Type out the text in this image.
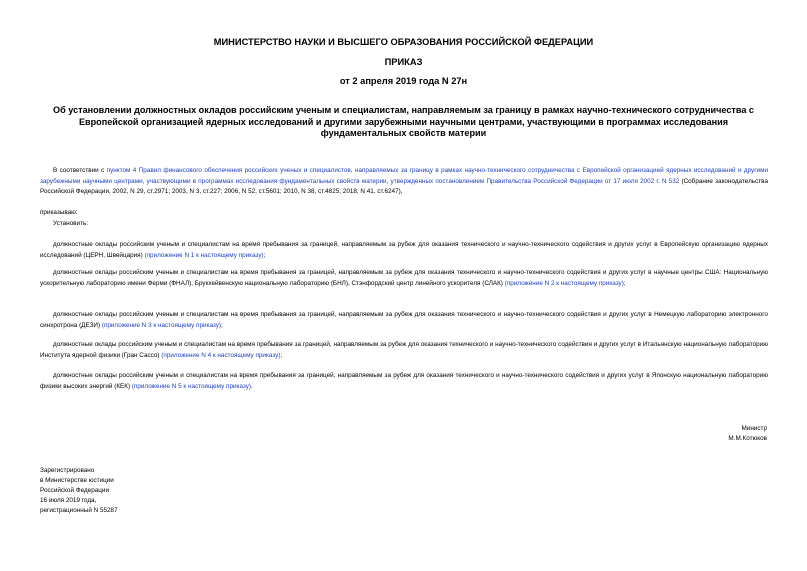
МИНИСТЕРСТВО НАУКИ И ВЫСШЕГО ОБРАЗОВАНИЯ РОССИЙСКОЙ ФЕДЕРАЦИИ
ПРИКАЗ
от 2 апреля 2019 года N 27н
Об установлении должностных окладов российским ученым и специалистам, направляемым за границу в рамках научно-технического сотрудничества с Европейской организацией ядерных исследований и другими зарубежными научными центрами, участвующими в программах исследования фундаментальных свойств материи
В соответствии с пунктом 4 Правил финансового обеспечения российских ученых и специалистов, направляемых за границу в рамках научно-технического сотрудничества с Европейской организацией ядерных исследований и другими зарубежными научными центрами, участвующими в программах исследования фундаментальных свойств материи, утвержденных постановлением Правительства Российской Федерации от 17 июля 2002 г. N 532 (Собрание законодательства Российской Федерации, 2002, N 29, ст.2971; 2003, N 3, ст.227; 2006, N 52, ст.5601; 2010, N 38, ст.4825; 2018, N 41, ст.6247),
приказываю:
Установить:
должностные оклады российским ученым и специалистам на время пребывания за границей, направляемым за рубеж для оказания технического и научно-технического содействия и других услуг в Европейскую организацию ядерных исследований (ЦЕРН, Швейцария) (приложение N 1 к настоящему приказу);
должностные оклады российским ученым и специалистам на время пребывания за границей, направляемым за рубеж для оказания технического и научно-технического содействия и других услуг в научные центры США: Национальную ускорительную лабораторию имени Ферми (ФНАЛ), Брукхейвенскую национальную лабораторию (БНЛ), Стэнфордский центр линейного ускорителя (СЛАК) (приложение N 2 к настоящему приказу);
должностные оклады российским ученым и специалистам на время пребывания за границей, направляемым за рубеж для оказания технического и научно-технического содействия и других услуг в Немецкую лабораторию электронного синхротрона (ДЕЗИ) (приложение N 3 к настоящему приказу);
должностные оклады российским ученым и специалистам на время пребывания за границей, направляемым за рубеж для оказания технического и научно-технического содействия и других услуг в Итальянскую национальную лабораторию Института ядерной физики (Гран Сассо) (приложение N 4 к настоящему приказу);
должностные оклады российским ученым и специалистам на время пребывания за границей, направляемым за рубеж для оказания технического и научно-технического содействия и других услуг в Японскую национальную лабораторию физики высоких энергий (КЕК) (приложение N 5 к настоящему приказу).
Министр
М.М.Котюков
Зарегистрировано
в Министерстве юстиции
Российской Федерации
16 июля 2019 года,
регистрационный N 55287
